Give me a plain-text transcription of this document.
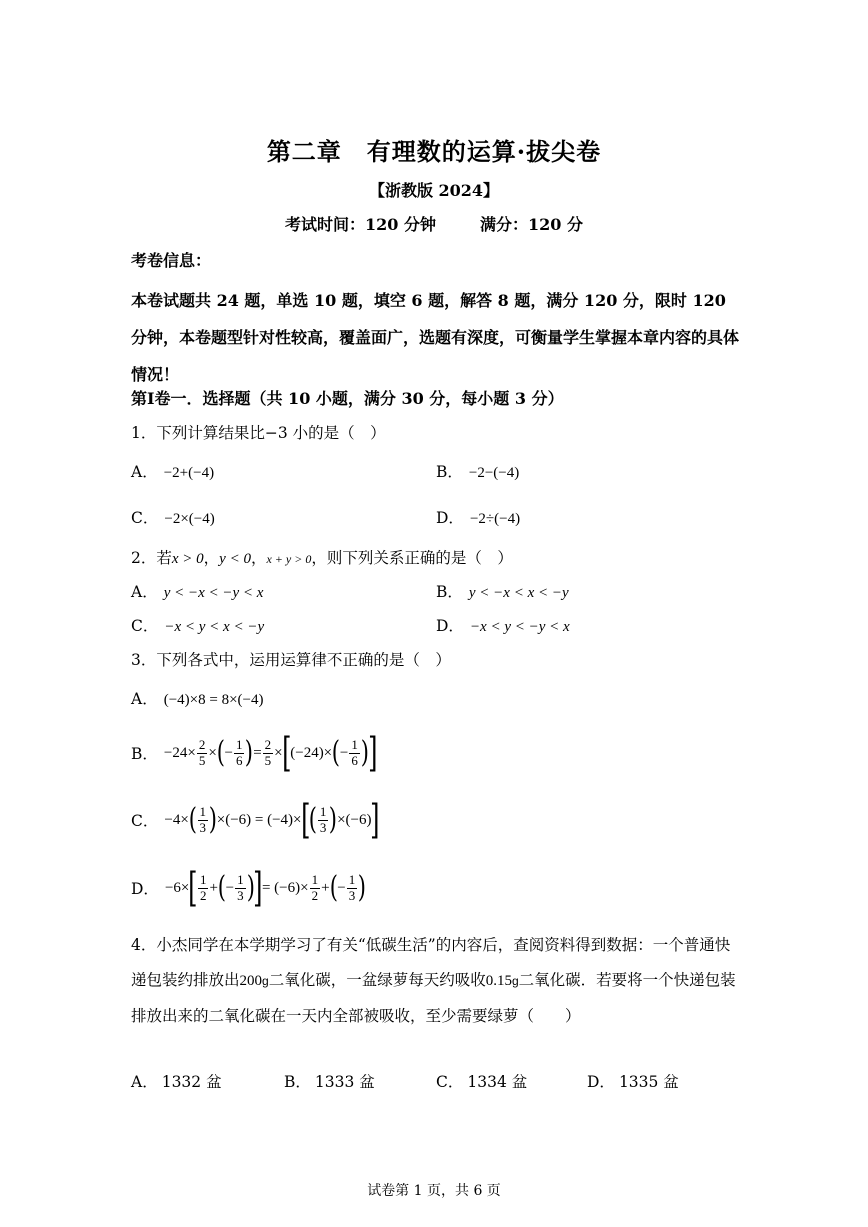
第二章　有理数的运算·拔尖卷
【浙教版 2024】
考试时间：120 分钟	满分：120 分
考卷信息：
本卷试题共 24 题，单选 10 题，填空 6 题，解答 8 题，满分 120 分，限时 120 分钟，本卷题型针对性较高，覆盖面广，选题有深度，可衡量学生掌握本章内容的具体情况！
第Ⅰ卷一．选择题（共 10 小题，满分 30 分，每小题 3 分）
1．下列计算结果比−3 小的是（　）
A． −2+(−4)	B． −2−(−4)
C． −2×(−4)	D． −2÷(−4)
2．若x > 0，y < 0，x + y > 0，则下列关系正确的是（　）
A． y < −x < −y < x	B． y < −x < x < −y
C． −x < y < x < −y	D． −x < y < −y < x
3．下列各式中，运用运算律不正确的是（　）
A． (−4)×8 = 8×(−4)
B． $-24\times \frac{2}{5}$ × ( − $\frac{1}{6}$ ) = $\frac{2}{5}$ × [ (−24)× ( − $\frac{1}{6}$ )
]
C． −4× ( $\frac{1}{3}$ ) ×(−6) = (−4)× [
( $\frac{1}{3}$ ) ×(−6) ]
D． −6× [ $\frac{1}{2}$ + ( − $\frac{1}{3}$ )
] = $(-6)\times \frac{1}{2}$ + ( − $\frac{1}{3}$ )
4．小杰同学在本学期学习了有关“低碳生活”的内容后，查阅资料得到数据：一个普通快递包装约排放出200g二氧化碳，一盆绿萝每天约吸收0.15g二氧化碳．若要将一个快递包装排放出来的二氧化碳在一天内全部被吸收，至少需要绿萝（　　）
A． 1332 盆	B． 1333 盆	C． 1334 盆	D． 1335 盆
试卷第 1 页，共 6 页
